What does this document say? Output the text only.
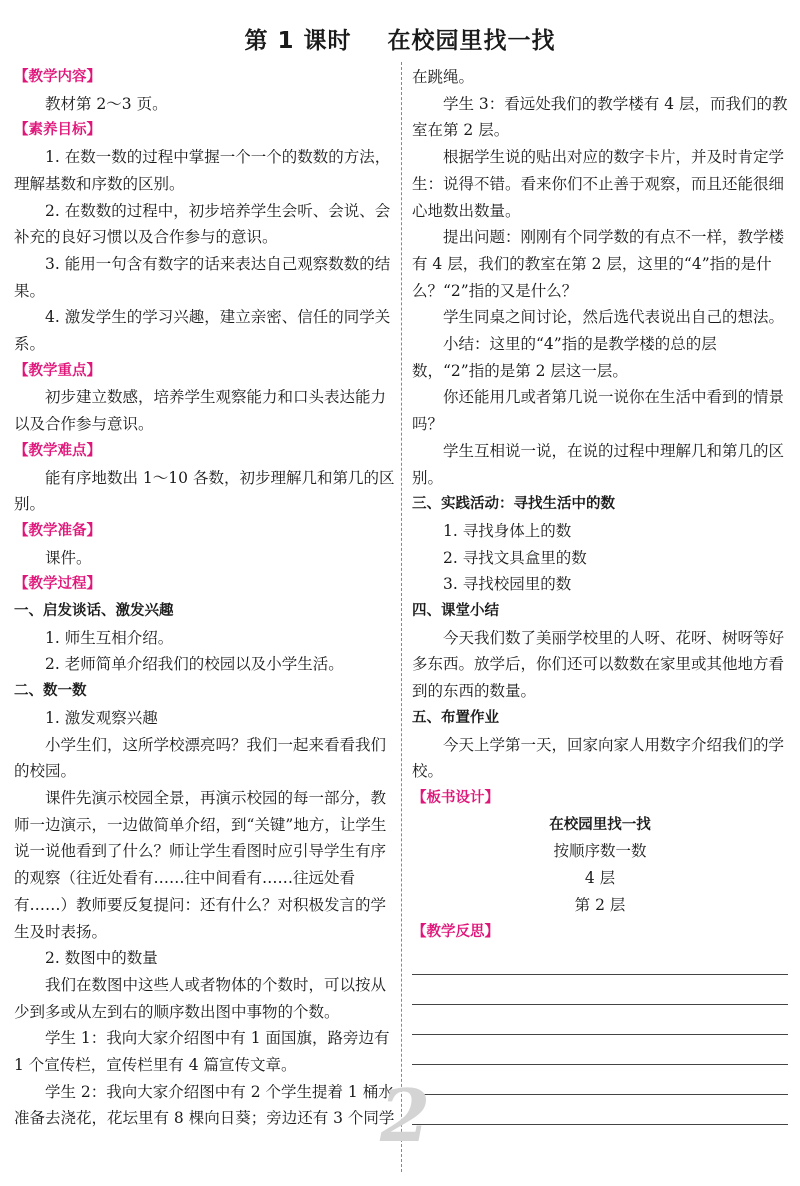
第 1 课时 在校园里找一找

【教学内容】

教材第 2～3 页。

【素养目标】

1. 在数一数的过程中掌握一个一个的数数的方法，理解基数和序数的区别。

2. 在数数的过程中，初步培养学生会听、会说、会补充的良好习惯以及合作参与的意识。

3. 能用一句含有数字的话来表达自己观察数数的结果。

4. 激发学生的学习兴趣，建立亲密、信任的同学关系。

【教学重点】

初步建立数感，培养学生观察能力和口头表达能力以及合作参与意识。

【教学难点】

能有序地数出 1～10 各数，初步理解几和第几的区别。

【教学准备】

课件。

【教学过程】

一、启发谈话、激发兴趣

1. 师生互相介绍。

2. 老师简单介绍我们的校园以及小学生活。

二、数一数

1. 激发观察兴趣

小学生们，这所学校漂亮吗？我们一起来看看我们的校园。

课件先演示校园全景，再演示校园的每一部分，教师一边演示，一边做简单介绍，到“关键”地方，让学生说一说他看到了什么？师让学生看图时应引导学生有序的观察（往近处看有……往中间看有……往远处看有……）教师要反复提问：还有什么？对积极发言的学生及时表扬。

2. 数图中的数量

我们在数图中这些人或者物体的个数时，可以按从少到多或从左到右的顺序数出图中事物的个数。

学生 1：我向大家介绍图中有 1 面国旗，路旁边有 1 个宣传栏，宣传栏里有 4 篇宣传文章。

学生 2：我向大家介绍图中有 2 个学生提着 1 桶水准备去浇花，花坛里有 8 棵向日葵；旁边还有 3 个同学

在跳绳。

学生 3：看远处我们的教学楼有 4 层，而我们的教室在第 2 层。

根据学生说的贴出对应的数字卡片，并及时肯定学生：说得不错。看来你们不止善于观察，而且还能很细心地数出数量。

提出问题：刚刚有个同学数的有点不一样，教学楼有 4 层，我们的教室在第 2 层，这里的“4”指的是什么？“2”指的又是什么？

学生同桌之间讨论，然后选代表说出自己的想法。

小结：这里的“4”指的是教学楼的总的层数，“2”指的是第 2 层这一层。

你还能用几或者第几说一说你在生活中看到的情景吗？

学生互相说一说，在说的过程中理解几和第几的区别。

三、实践活动：寻找生活中的数

1. 寻找身体上的数

2. 寻找文具盒里的数

3. 寻找校园里的数

四、课堂小结

今天我们数了美丽学校里的人呀、花呀、树呀等好多东西。放学后，你们还可以数数在家里或其他地方看到的东西的数量。

五、布置作业

今天上学第一天，回家向家人用数字介绍我们的学校。

【板书设计】

在校园里找一找

按顺序数一数

4 层

第 2 层

【教学反思】

2
